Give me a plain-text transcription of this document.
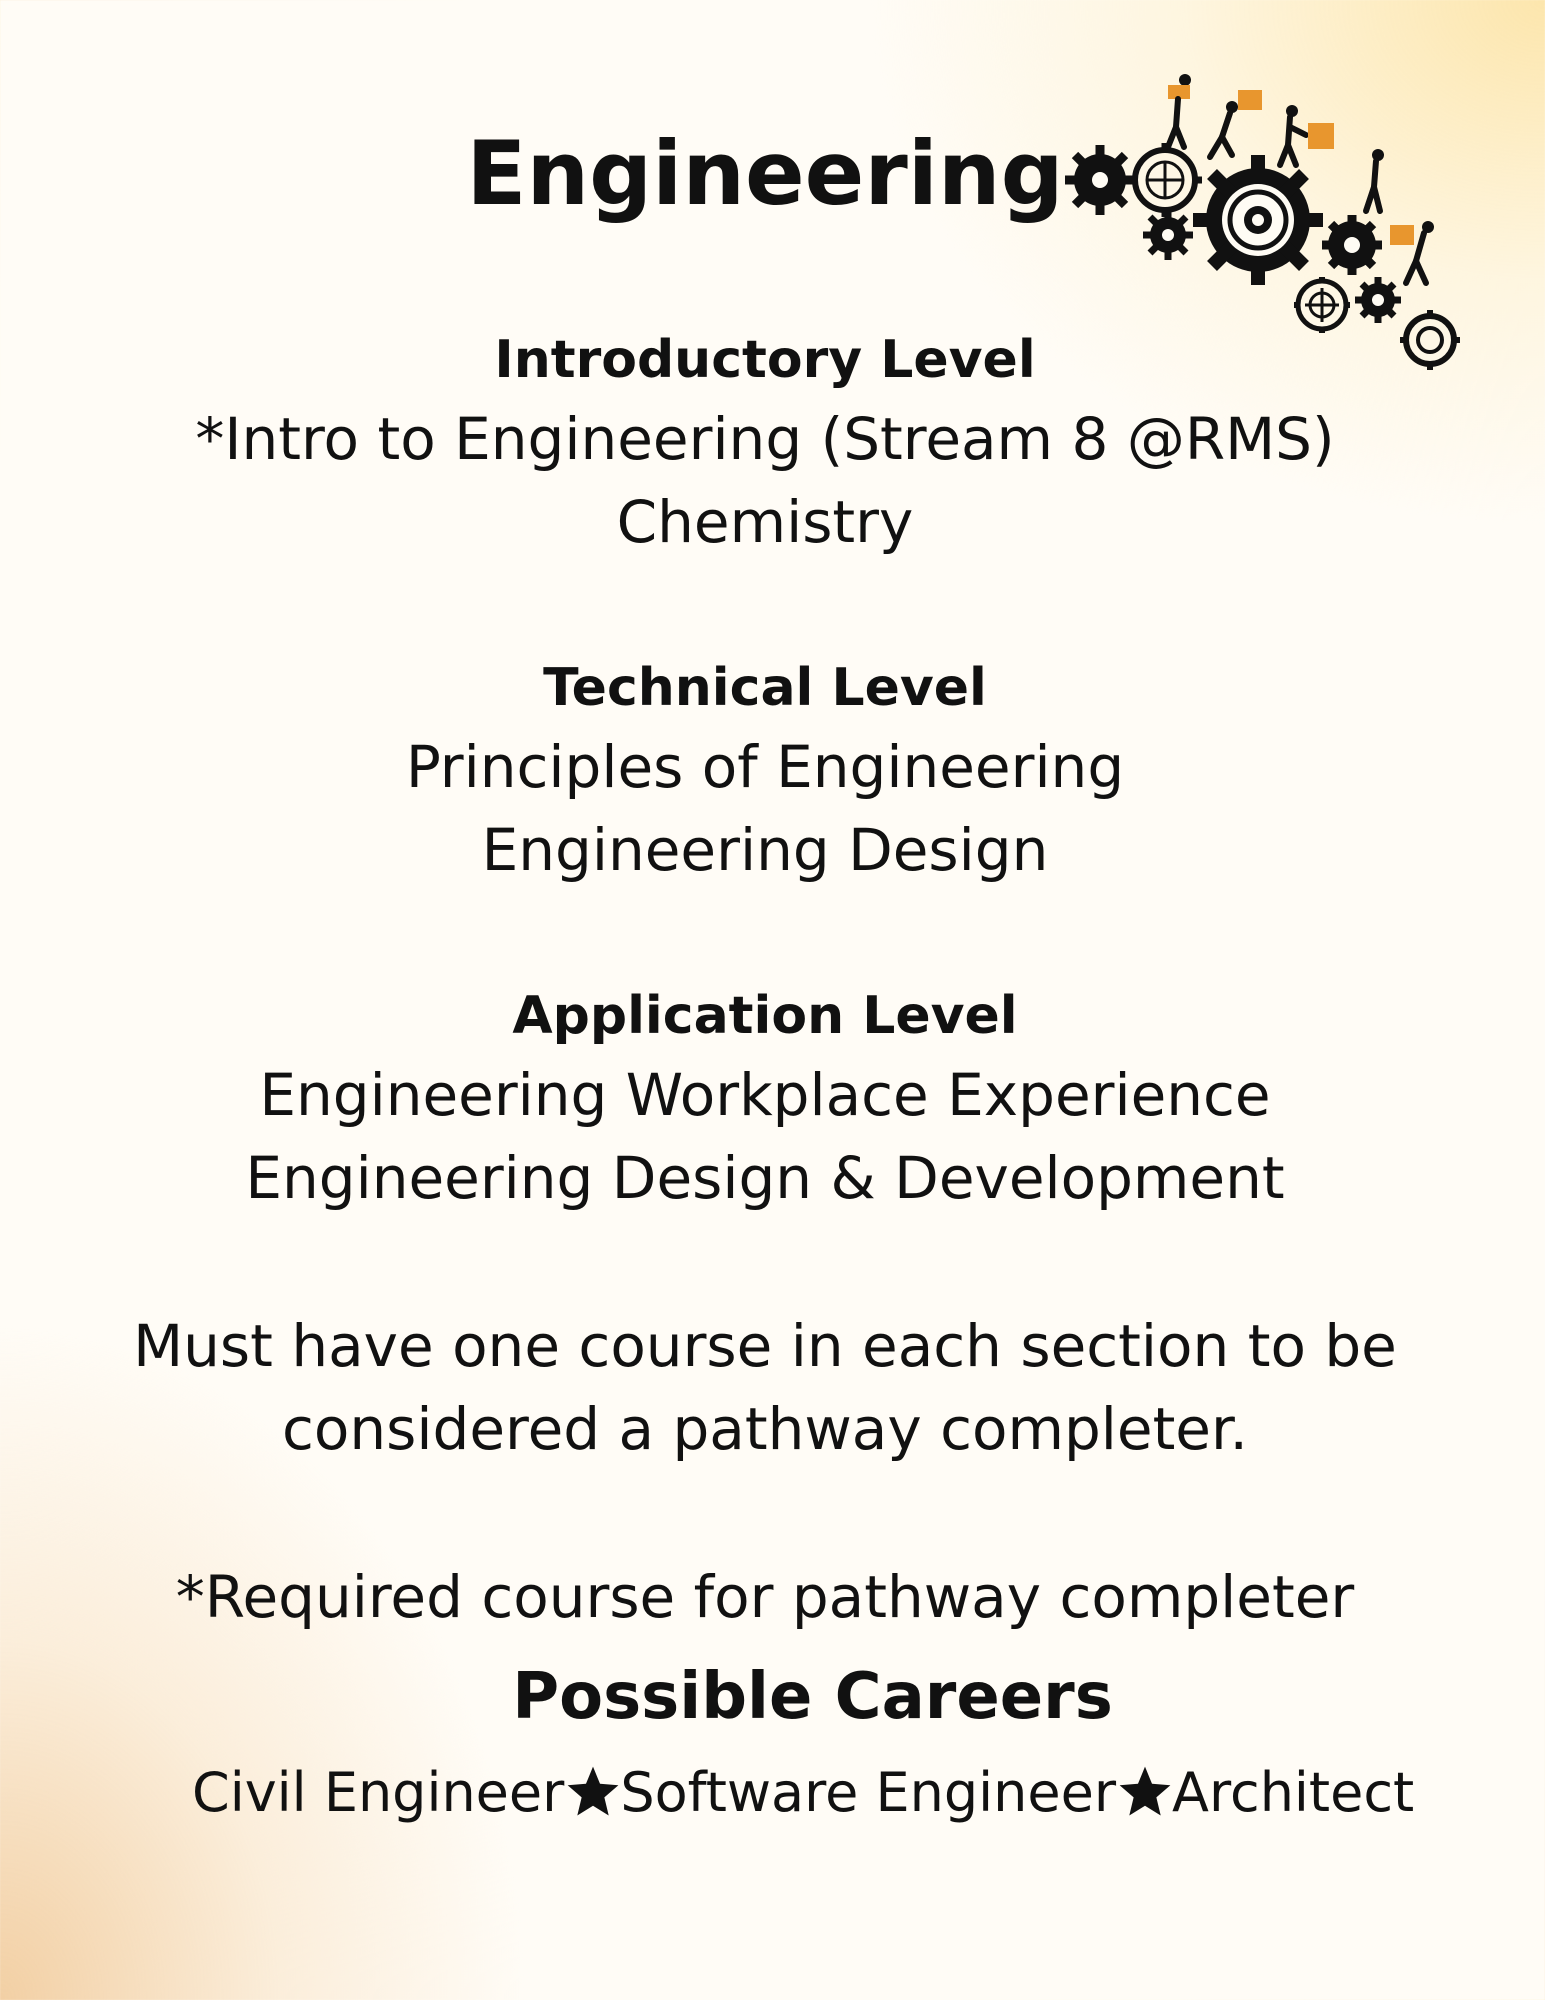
Engineering
Introductory Level
*Intro to Engineering (Stream 8 @RMS)
Chemistry
Technical Level
Principles of Engineering
Engineering Design
Application Level
Engineering Workplace Experience
Engineering Design & Development
Must have one course in each section to be
considered a pathway completer.
*Required course for pathway completer
Possible Careers
Civil Engineer Software Engineer Architect
